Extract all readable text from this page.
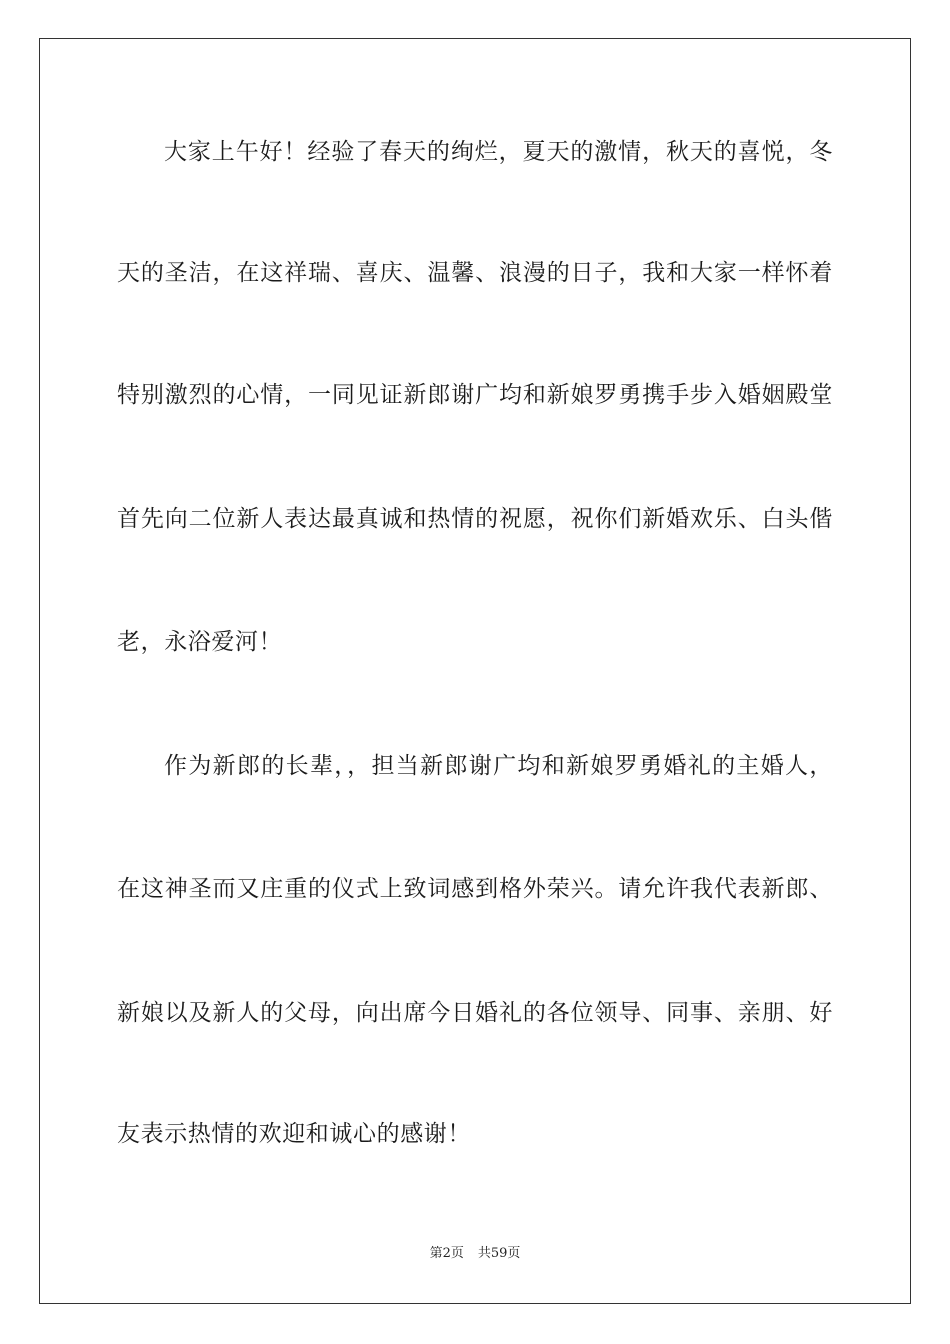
大家上午好！经验了春天的绚烂，夏天的激情，秋天的喜悦，冬
天的圣洁，在这祥瑞、喜庆、温馨、浪漫的日子，我和大家一样怀着
特别激烈的心情，一同见证新郎谢广均和新娘罗勇携手步入婚姻殿堂
首先向二位新人表达最真诚和热情的祝愿，祝你们新婚欢乐、白头偕
老，永浴爱河！
作为新郎的长辈，，担当新郎谢广均和新娘罗勇婚礼的主婚人，
在这神圣而又庄重的仪式上致词感到格外荣兴。请允许我代表新郎、
新娘以及新人的父母，向出席今日婚礼的各位领导、同事、亲朋、好
友表示热情的欢迎和诚心的感谢！
第2页 共59页
